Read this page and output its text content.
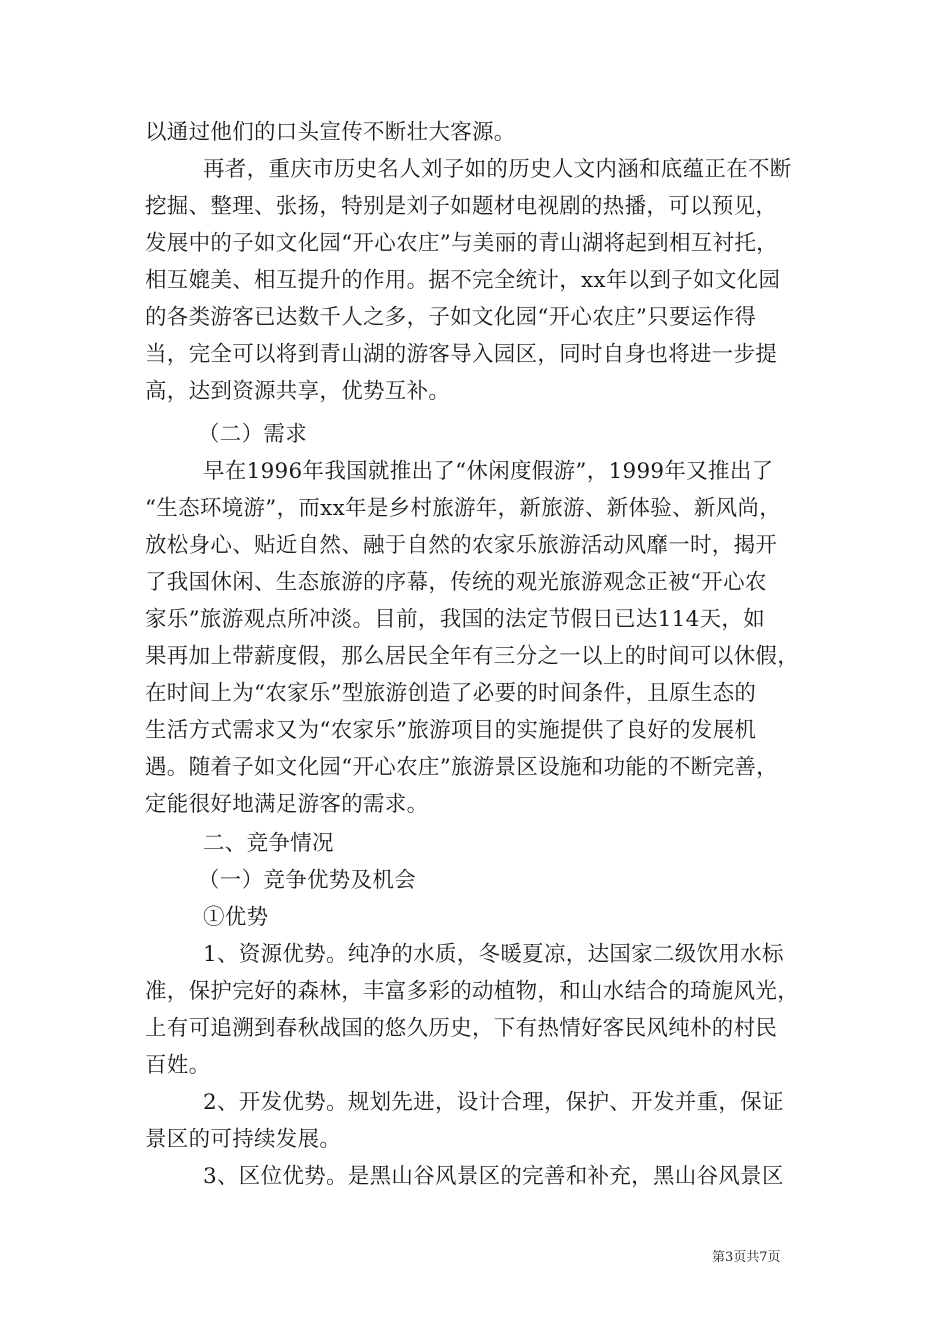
以通过他们的口头宣传不断壮大客源。
再者，重庆市历史名人刘子如的历史人文内涵和底蕴正在不断
挖掘、整理、张扬，特别是刘子如题材电视剧的热播，可以预见，
发展中的子如文化园“开心农庄”与美丽的青山湖将起到相互衬托，
相互媲美、相互提升的作用。据不完全统计，xx年以到子如文化园
的各类游客已达数千人之多，子如文化园“开心农庄”只要运作得
当，完全可以将到青山湖的游客导入园区，同时自身也将进一步提
高，达到资源共享，优势互补。
（二）需求
早在1996年我国就推出了“休闲度假游”，1999年又推出了
“生态环境游”，而xx年是乡村旅游年，新旅游、新体验、新风尚，
放松身心、贴近自然、融于自然的农家乐旅游活动风靡一时，揭开
了我国休闲、生态旅游的序幕，传统的观光旅游观念正被“开心农
家乐”旅游观点所冲淡。目前，我国的法定节假日已达114天，如
果再加上带薪度假，那么居民全年有三分之一以上的时间可以休假，
在时间上为“农家乐”型旅游创造了必要的时间条件，且原生态的
生活方式需求又为“农家乐”旅游项目的实施提供了良好的发展机
遇。随着子如文化园“开心农庄”旅游景区设施和功能的不断完善，
定能很好地满足游客的需求。
二、竞争情况
（一）竞争优势及机会
①优势
1、资源优势。纯净的水质，冬暖夏凉，达国家二级饮用水标
准，保护完好的森林，丰富多彩的动植物，和山水结合的琦旎风光，
上有可追溯到春秋战国的悠久历史，下有热情好客民风纯朴的村民
百姓。
2、开发优势。规划先进，设计合理，保护、开发并重，保证
景区的可持续发展。
3、区位优势。是黑山谷风景区的完善和补充，黑山谷风景区
第3页共7页
